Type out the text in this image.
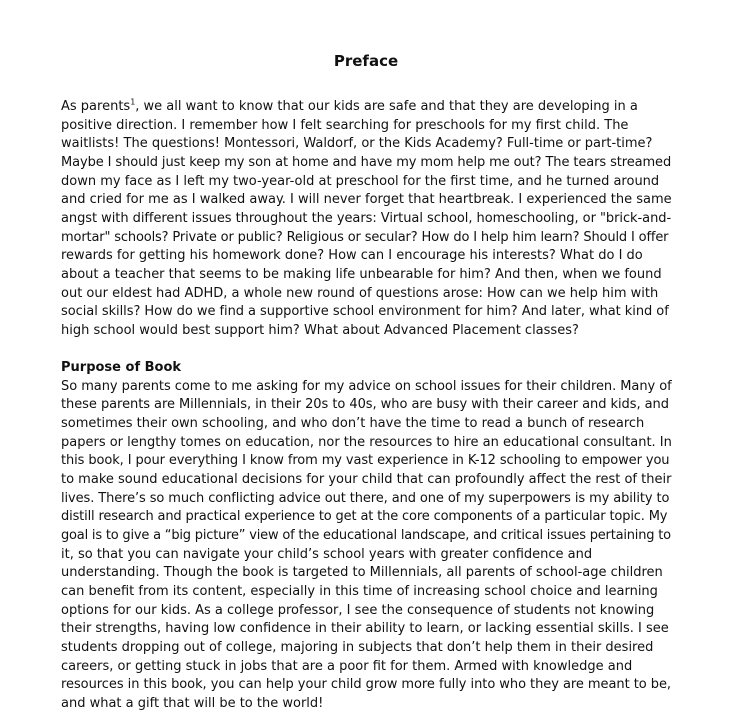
Preface
As parents$^1$, we all want to know that our kids are safe and that they are developing in a
positive direction. I remember how I felt searching for preschools for my first child. The
waitlists! The questions! Montessori, Waldorf, or the Kids Academy? Full-time or part-time?
Maybe I should just keep my son at home and have my mom help me out? The tears streamed
down my face as I left my two-year-old at preschool for the first time, and he turned around
and cried for me as I walked away. I will never forget that heartbreak. I experienced the same
angst with different issues throughout the years: Virtual school, homeschooling, or "brick-and-
mortar" schools? Private or public? Religious or secular? How do I help him learn? Should I offer
rewards for getting his homework done? How can I encourage his interests? What do I do
about a teacher that seems to be making life unbearable for him? And then, when we found
out our eldest had ADHD, a whole new round of questions arose: How can we help him with
social skills? How do we find a supportive school environment for him? And later, what kind of
high school would best support him? What about Advanced Placement classes?
Purpose of Book
So many parents come to me asking for my advice on school issues for their children. Many of
these parents are Millennials, in their 20s to 40s, who are busy with their career and kids, and
sometimes their own schooling, and who don’t have the time to read a bunch of research
papers or lengthy tomes on education, nor the resources to hire an educational consultant. In
this book, I pour everything I know from my vast experience in K-12 schooling to empower you
to make sound educational decisions for your child that can profoundly affect the rest of their
lives. There’s so much conflicting advice out there, and one of my superpowers is my ability to
distill research and practical experience to get at the core components of a particular topic. My
goal is to give a “big picture” view of the educational landscape, and critical issues pertaining to
it, so that you can navigate your child’s school years with greater confidence and
understanding. Though the book is targeted to Millennials, all parents of school-age children
can benefit from its content, especially in this time of increasing school choice and learning
options for our kids. As a college professor, I see the consequence of students not knowing
their strengths, having low confidence in their ability to learn, or lacking essential skills. I see
students dropping out of college, majoring in subjects that don’t help them in their desired
careers, or getting stuck in jobs that are a poor fit for them. Armed with knowledge and
resources in this book, you can help your child grow more fully into who they are meant to be,
and what a gift that will be to the world!
